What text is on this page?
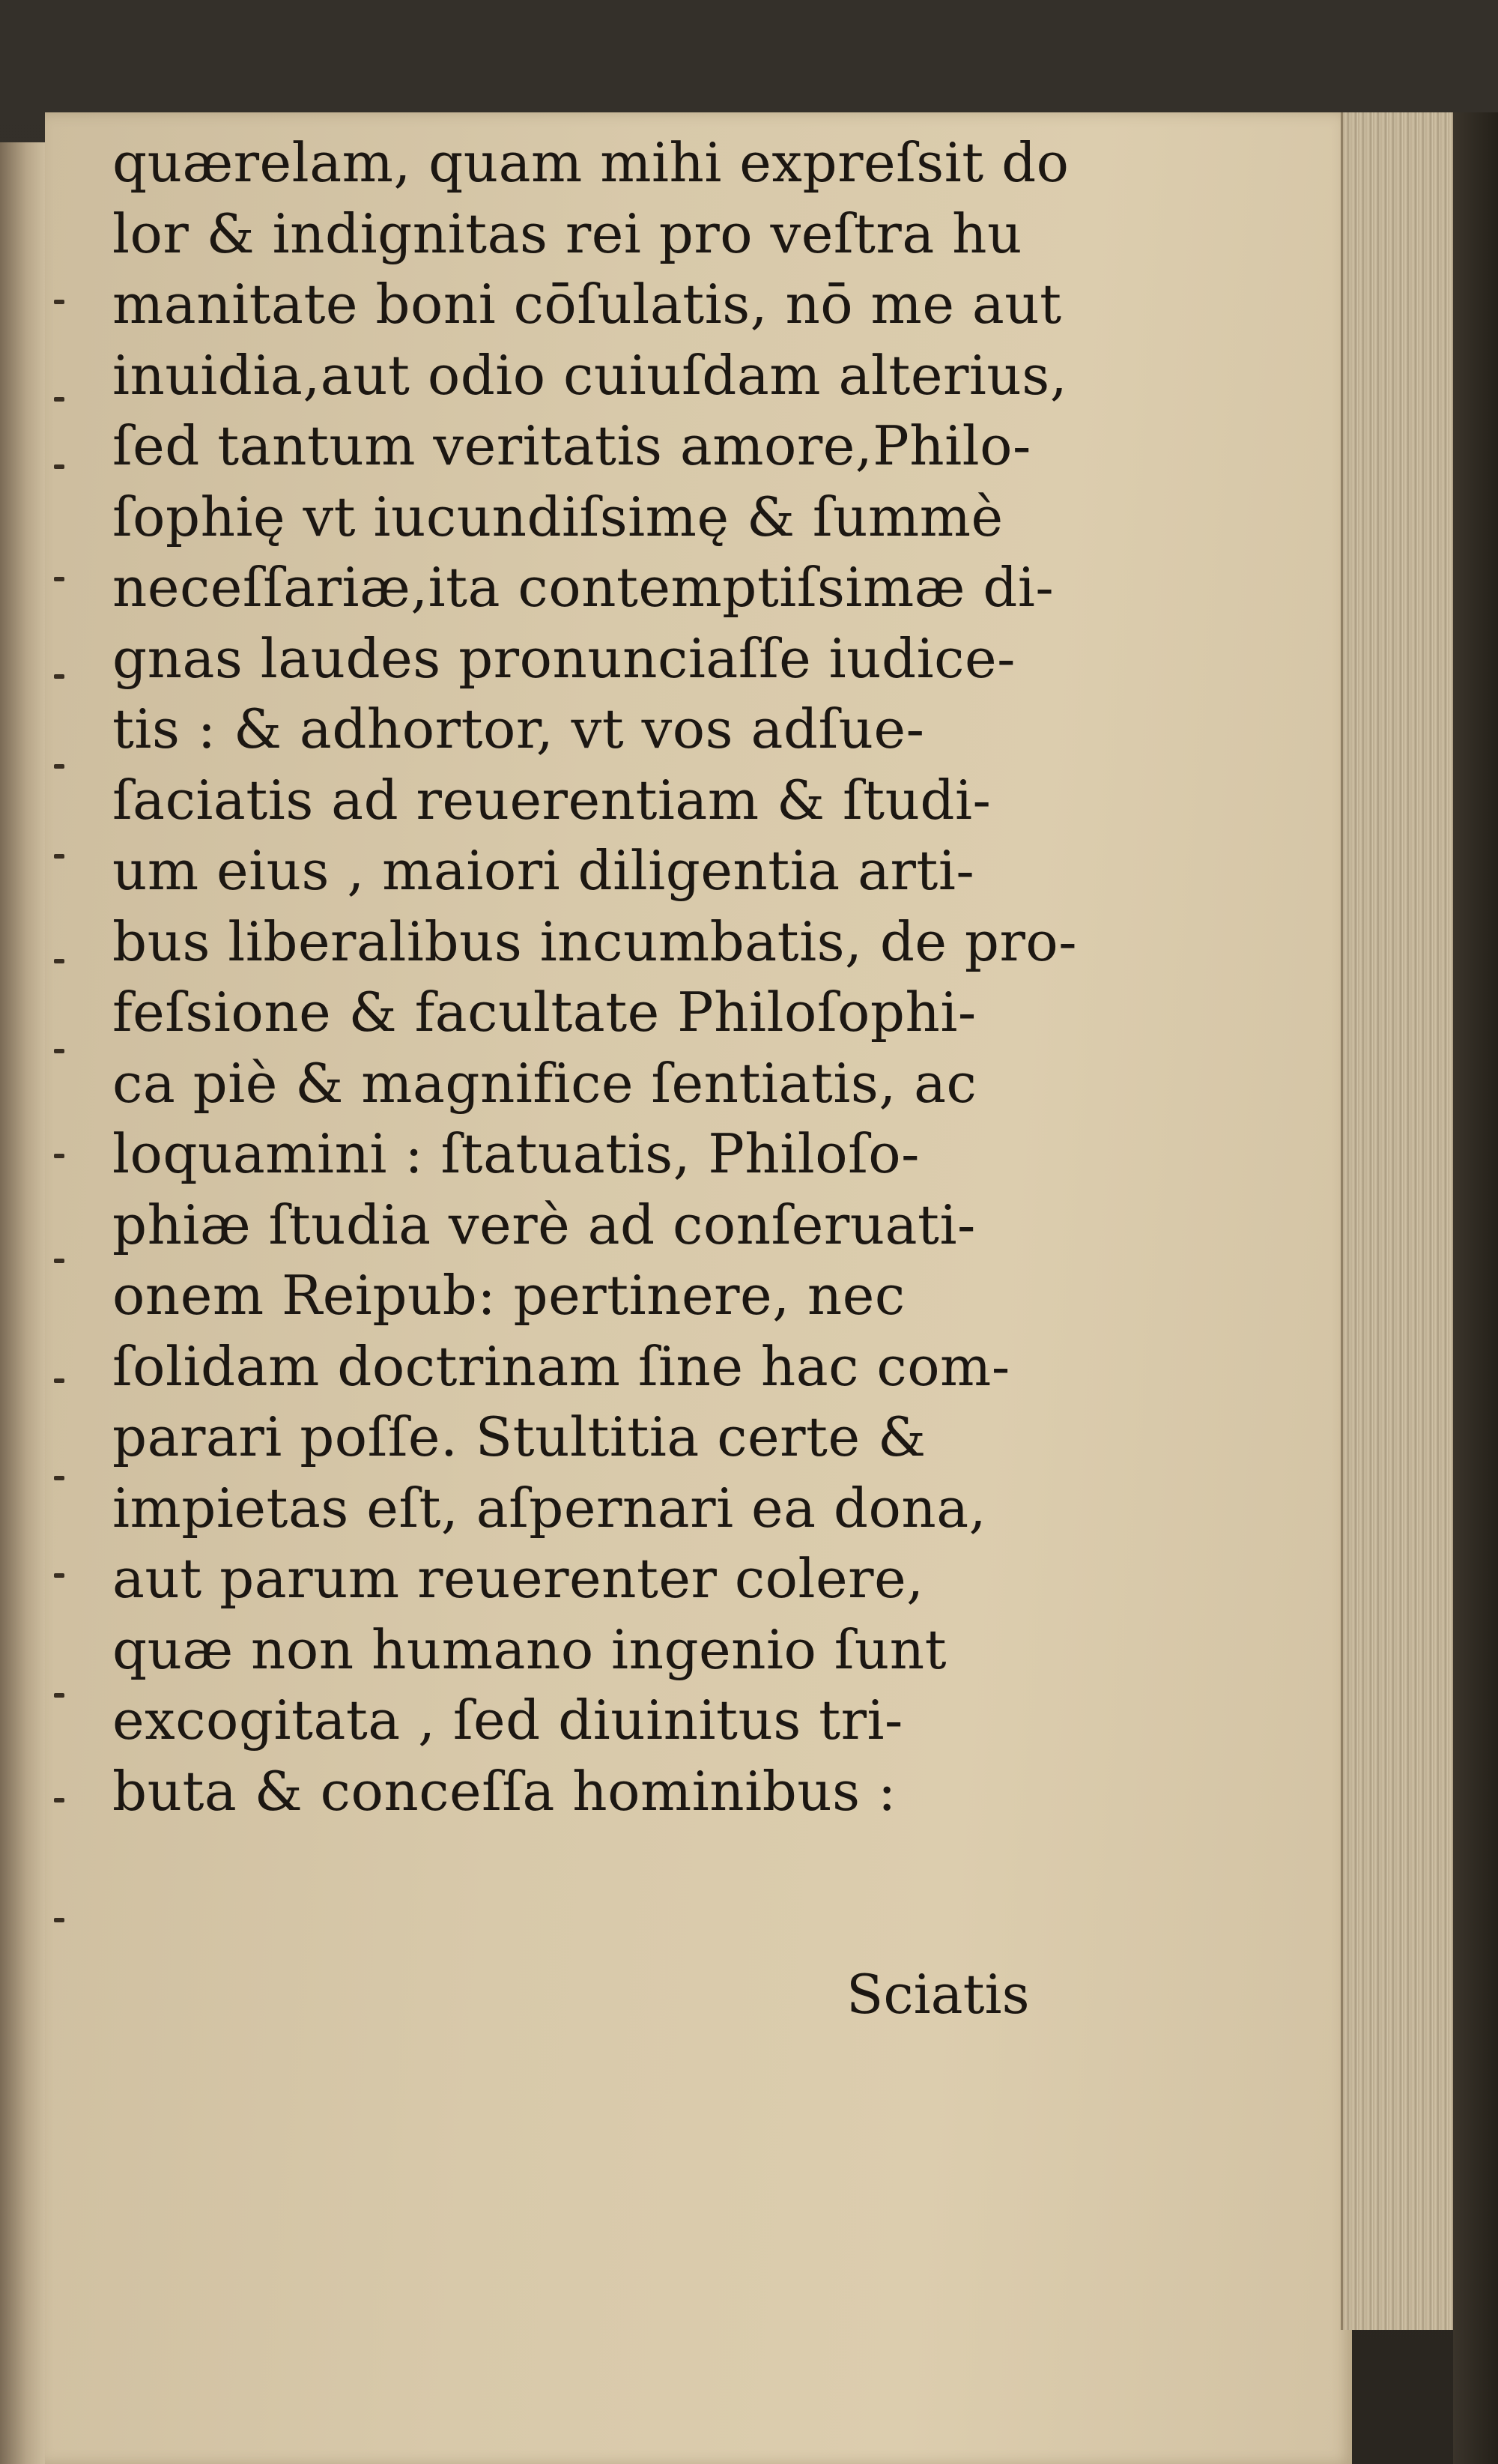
quærelam, quam mihi expreſsit do
lor & indignitas rei pro veſtra hu
manitate boni cōſulatis, nō me aut
inuidia,aut odio cuiuſdam alterius,
ſed tantum veritatis amore,Philo-
ſophię vt iucundiſsimę & ſummè
neceſſariæ,ita contemptiſsimæ di-
gnas laudes pronunciaſſe iudice-
tis : & adhortor, vt vos adſue-
ſaciatis ad reuerentiam & ſtudi-
um eius , maiori diligentia arti-
bus liberalibus incumbatis, de pro-
feſsione & facultate Philoſophi-
ca piè & magnifice ſentiatis, ac
loquamini : ſtatuatis, Philoſo-
phiæ ſtudia verè ad conſeruati-
onem Reipub: pertinere, nec
ſolidam doctrinam ſine hac com-
parari poſſe. Stultitia certe &
impietas eſt, aſpernari ea dona,
aut parum reuerenter colere,
quæ non humano ingenio ſunt
excogitata , ſed diuinitus tri-
buta & conceſſa hominibus :
Sciatis
